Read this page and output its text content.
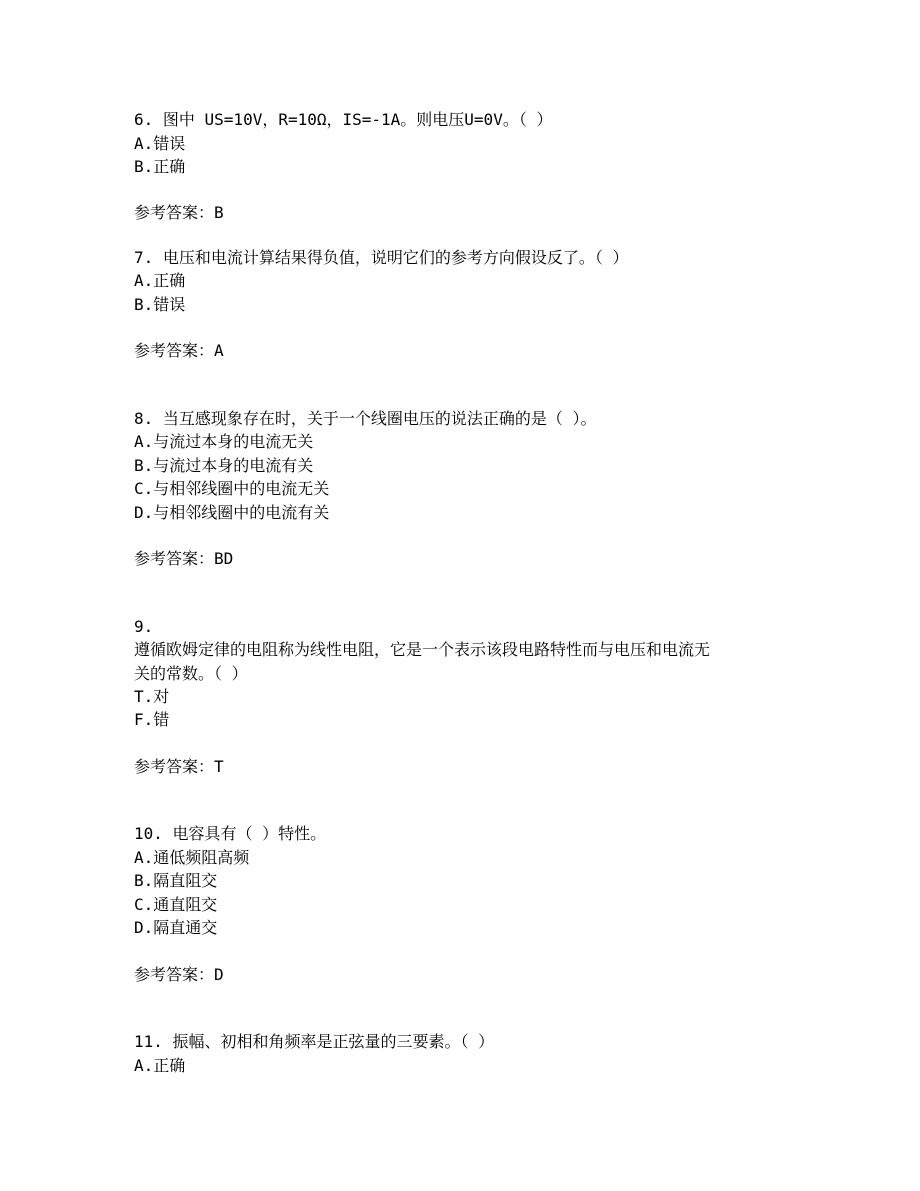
6. 图中 US=10V，R=10Ω，IS=-1A。则电压U=0V。（ ）
A.错误
B.正确
参考答案：B
7. 电压和电流计算结果得负值，说明它们的参考方向假设反了。（ ）
A.正确
B.错误
参考答案：A
8. 当互感现象存在时，关于一个线圈电压的说法正确的是（ ）。
A.与流过本身的电流无关
B.与流过本身的电流有关
C.与相邻线圈中的电流无关
D.与相邻线圈中的电流有关
参考答案：BD
9.
遵循欧姆定律的电阻称为线性电阻，它是一个表示该段电路特性而与电压和电流无
关的常数。（ ）
T.对
F.错
参考答案：T
10. 电容具有（ ）特性。
A.通低频阻高频
B.隔直阻交
C.通直阻交
D.隔直通交
参考答案：D
11. 振幅、初相和角频率是正弦量的三要素。（ ）
A.正确
